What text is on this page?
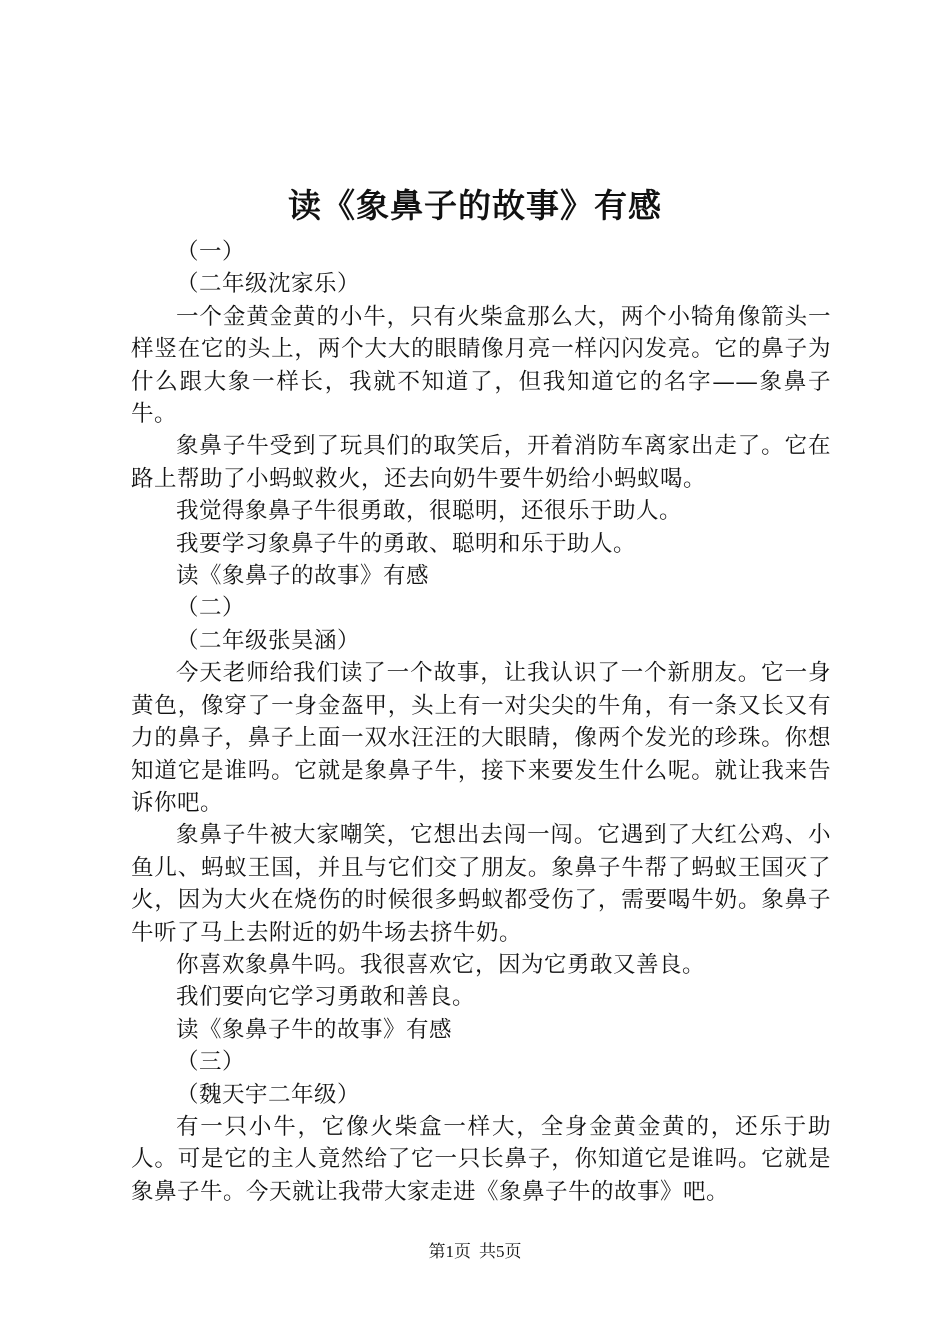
读《象鼻子的故事》有感

（一）

（二年级沈家乐）

一个金黄金黄的小牛，只有火柴盒那么大，两个小犄角像箭头一样竖在它的头上，两个大大的眼睛像月亮一样闪闪发亮。它的鼻子为什么跟大象一样长，我就不知道了，但我知道它的名字——象鼻子牛。

象鼻子牛受到了玩具们的取笑后，开着消防车离家出走了。它在路上帮助了小蚂蚁救火，还去向奶牛要牛奶给小蚂蚁喝。

我觉得象鼻子牛很勇敢，很聪明，还很乐于助人。

我要学习象鼻子牛的勇敢、聪明和乐于助人。

读《象鼻子的故事》有感

（二）

（二年级张昊涵）

今天老师给我们读了一个故事，让我认识了一个新朋友。它一身黄色，像穿了一身金盔甲，头上有一对尖尖的牛角，有一条又长又有力的鼻子，鼻子上面一双水汪汪的大眼睛，像两个发光的珍珠。你想知道它是谁吗。它就是象鼻子牛，接下来要发生什么呢。就让我来告诉你吧。

象鼻子牛被大家嘲笑，它想出去闯一闯。它遇到了大红公鸡、小鱼儿、蚂蚁王国，并且与它们交了朋友。象鼻子牛帮了蚂蚁王国灭了火，因为大火在烧伤的时候很多蚂蚁都受伤了，需要喝牛奶。象鼻子牛听了马上去附近的奶牛场去挤牛奶。

你喜欢象鼻牛吗。我很喜欢它，因为它勇敢又善良。

我们要向它学习勇敢和善良。

读《象鼻子牛的故事》有感

（三）

（魏天宇二年级）

有一只小牛，它像火柴盒一样大，全身金黄金黄的，还乐于助人。可是它的主人竟然给了它一只长鼻子，你知道它是谁吗。它就是象鼻子牛。今天就让我带大家走进《象鼻子牛的故事》吧。

第1页 共5页
